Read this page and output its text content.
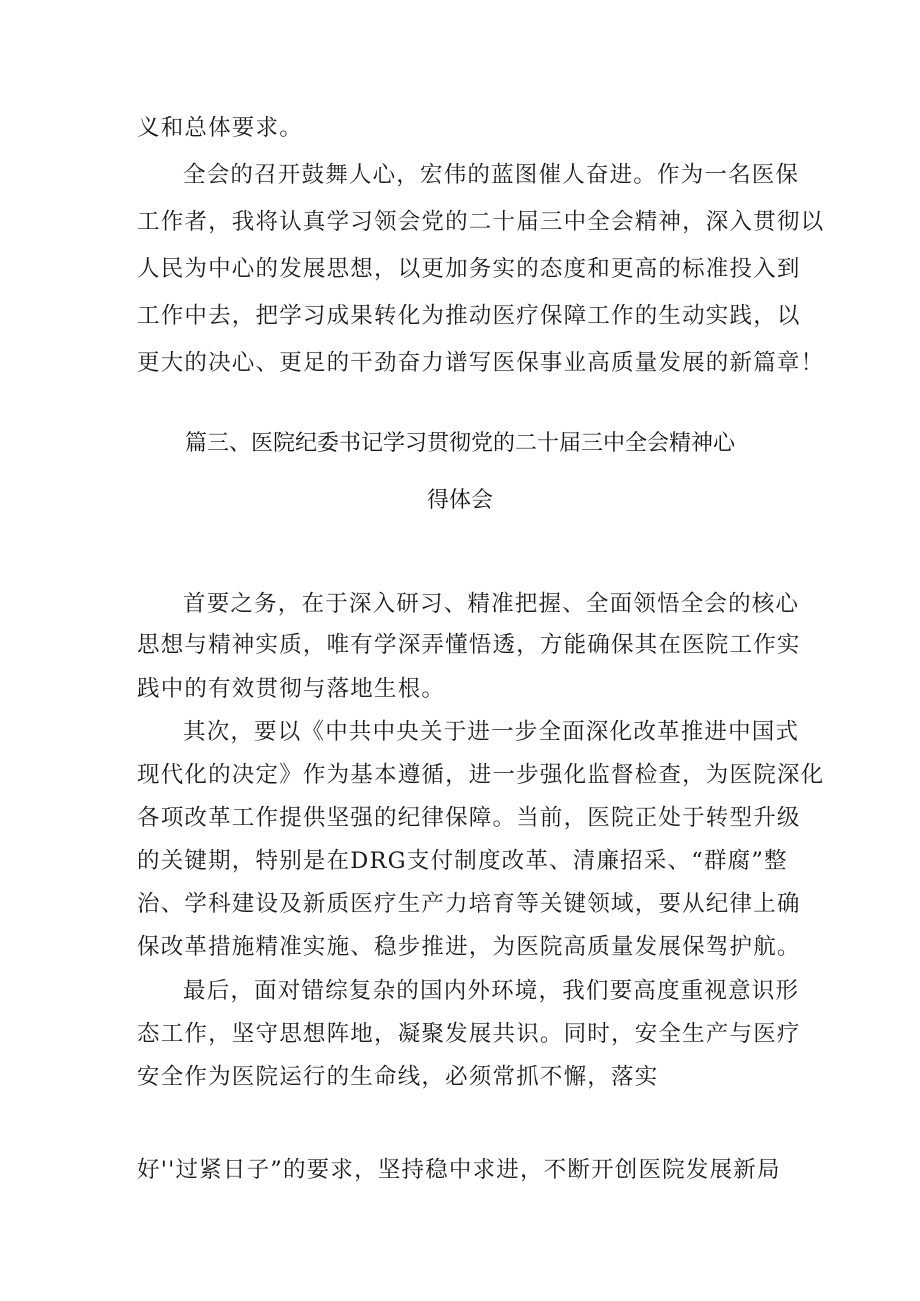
义和总体要求。
全会的召开鼓舞人心，宏伟的蓝图催人奋进。作为一名医保
工作者，我将认真学习领会党的二十届三中全会精神，深入贯彻以
人民为中心的发展思想，以更加务实的态度和更高的标准投入到
工作中去，把学习成果转化为推动医疗保障工作的生动实践，以
更大的决心、更足的干劲奋力谱写医保事业高质量发展的新篇章！
篇三、医院纪委书记学习贯彻党的二十届三中全会精神心
得体会
首要之务，在于深入研习、精准把握、全面领悟全会的核心
思想与精神实质，唯有学深弄懂悟透，方能确保其在医院工作实
践中的有效贯彻与落地生根。
其次，要以《中共中央关于进一步全面深化改革推进中国式
现代化的决定》作为基本遵循，进一步强化监督检查，为医院深化
各项改革工作提供坚强的纪律保障。当前，医院正处于转型升级
的关键期，特别是在DRG支付制度改革、清廉招采、“群腐”整
治、学科建设及新质医疗生产力培育等关键领域，要从纪律上确
保改革措施精准实施、稳步推进，为医院高质量发展保驾护航。
最后，面对错综复杂的国内外环境，我们要高度重视意识形
态工作，坚守思想阵地，凝聚发展共识。同时，安全生产与医疗
安全作为医院运行的生命线，必须常抓不懈，落实
好''过紧日子”的要求，坚持稳中求进，不断开创医院发展新局
